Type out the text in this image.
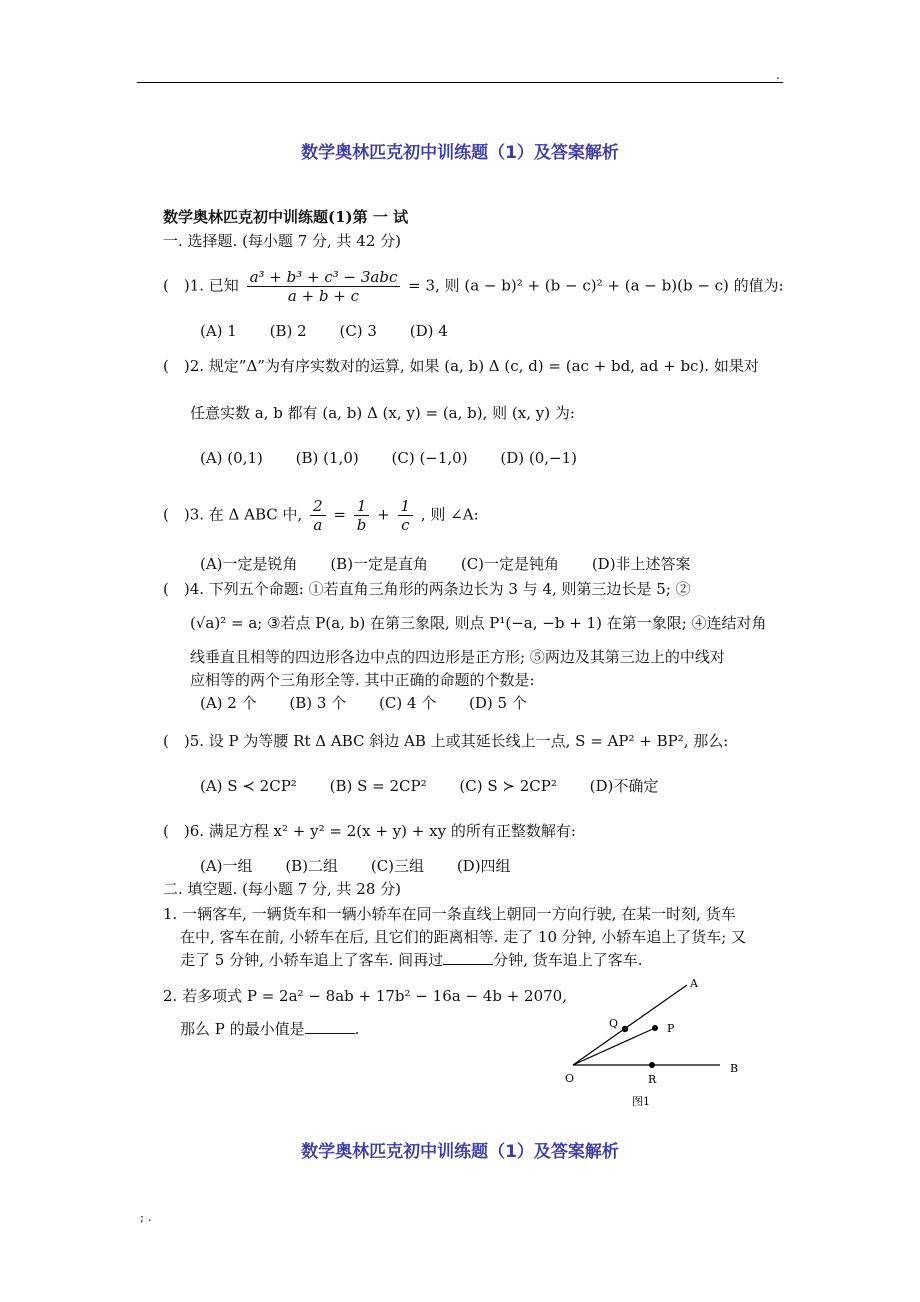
.
数学奥林匹克初中训练题（1）及答案解析
数学奥林匹克初中训练题(1)第 一 试
一. 选择题. (每小题 7 分, 共 42 分)
(　)1. 已知 $\frac{\text{a³ + b³ + c³ − 3abc}}{a + b + c} = 3$, 则 (a − b)² + (b − c)² + (a − b)(b − c) 的值为:
(A) 1 (B) 2 (C) 3 (D) 4
(　)2. 规定”Δ”为有序实数对的运算, 如果 (a, b) Δ (c, d) = (ac + bd, ad + bc). 如果对
任意实数 a, b 都有 (a, b) Δ (x, y) = (a, b), 则 (x, y) 为:
(A) (0,1) (B) (1,0) (C) (−1,0) (D) (0,−1)
(　)3. 在 Δ ABC 中, $\frac{2}{a} = \frac{1}{b} + \frac{1}{c}$ , 则 ∠A:
(A)一定是锐角 (B)一定是直角 (C)一定是钝角 (D)非上述答案
(　)4. 下列五个命题: ①若直角三角形的两条边长为 3 与 4, 则第三边长是 5; ②
(√a)² = a; ③若点 P(a, b) 在第三象限, 则点 P¹(−a, −b + 1) 在第一象限; ④连结对角
线垂直且相等的四边形各边中点的四边形是正方形; ⑤两边及其第三边上的中线对
应相等的两个三角形全等. 其中正确的命题的个数是:
(A) 2 个 (B) 3 个 (C) 4 个 (D) 5 个
(　)5. 设 P 为等腰 Rt Δ ABC 斜边 AB 上或其延长线上一点, S = AP² + BP², 那么:
(A) S ≺ 2CP² (B) S = 2CP² (C) S ≻ 2CP² (D)不确定
(　)6. 满足方程 x² + y² = 2(x + y) + xy 的所有正整数解有:
(A)一组 (B)二组 (C)三组 (D)四组
二. 填空题. (每小题 7 分, 共 28 分)
1. 一辆客车, 一辆货车和一辆小轿车在同一条直线上朝同一方向行驶, 在某一时刻, 货车
在中, 客车在前, 小轿车在后, 且它们的距离相等. 走了 10 分钟, 小轿车追上了货车; 又
走了 5 分钟, 小轿车追上了客车. 间再过	分钟, 货车追上了客车.
2. 若多项式 P = 2a² − 8ab + 17b² − 16a − 4b + 2070,
那么 P 的最小值是	.
A
B
O
P
Q
R
图1
数学奥林匹克初中训练题（1）及答案解析
; .
